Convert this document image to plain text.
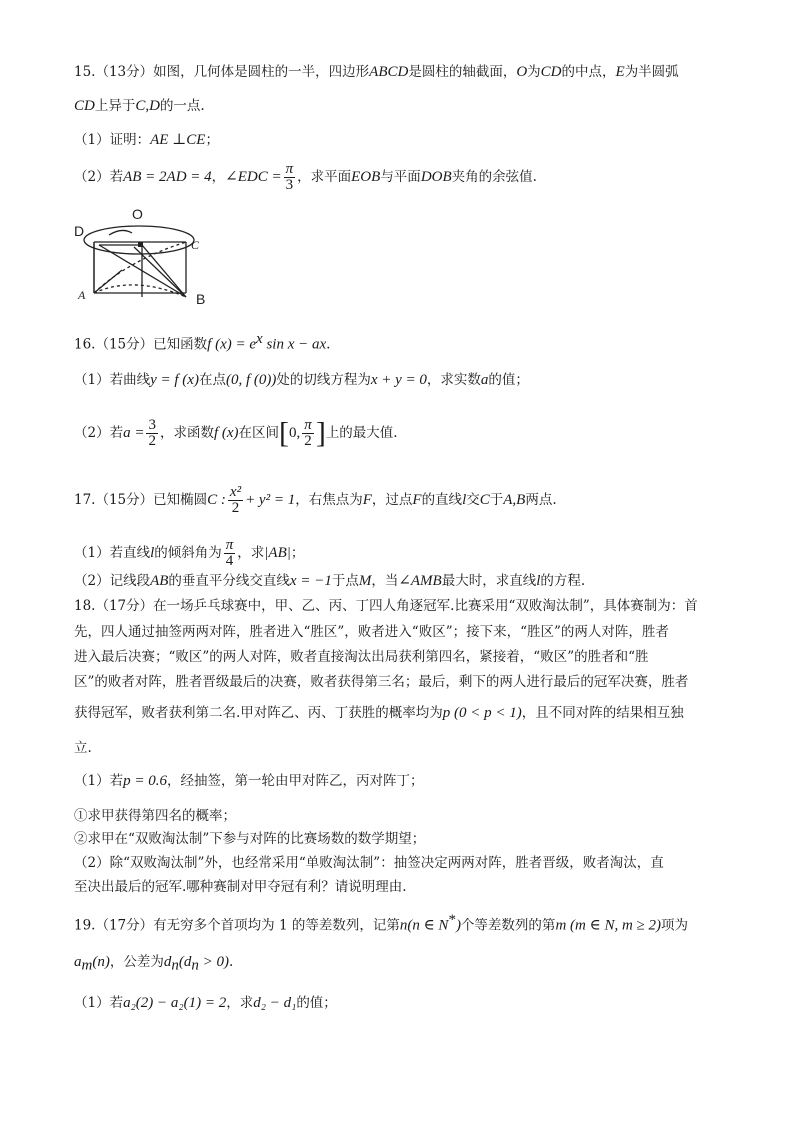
15.（13分）如图，几何体是圆柱的一半，四边形ABCD是圆柱的轴截面，O为CD的中点，E为半圆弧
CD上异于C,D的一点.
（1）证明：AE ⊥CE；
（2）若AB = 2AD = 4，∠EDC = $\frac{\pi}{3}$ ，求平面EOB与平面DOB夹角的余弦值.
D
O
C
A	B
16.（15分）已知函数f $(x) = e^x$ sin x − ax.
（1）若曲线y = f (x)在点(0, f (0))处的切线方程为x + y = 0，求实数a的值；
（2）若$a = \frac{3}{2}$ ，求函数f (x)在区间[0, $\frac{\pi}{2}$ ]上的最大值.
17.（15分）已知椭圆C : $\frac{\text{x²}}{2} + y^2 = 1$，右焦点为F，过点F的直线l交C于A,B两点.
（1）若直线l的倾斜角为 $\frac{\pi}{4}$ ，求|AB|；
（2）记线段AB的垂直平分线交直线x = −1于点M，当∠AMB最大时，求直线l的方程.
18.（17分）在一场乒乓球赛中，甲、乙、丙、丁四人角逐冠军.比赛采用“双败淘汰制”，具体赛制为：首
先，四人通过抽签两两对阵，胜者进入“胜区”，败者进入“败区”；接下来，“胜区”的两人对阵，胜者
进入最后决赛；“败区”的两人对阵，败者直接淘汰出局获利第四名，紧接着，“败区”的胜者和“胜
区”的败者对阵，胜者晋级最后的决赛，败者获得第三名；最后，剩下的两人进行最后的冠军决赛，胜者
获得冠军，败者获利第二名.甲对阵乙、丙、丁获胜的概率均为p (0 < p < 1)，且不同对阵的结果相互独
立.
（1）若p = 0.6，经抽签，第一轮由甲对阵乙，丙对阵丁；
①求甲获得第四名的概率；
②求甲在“双败淘汰制”下参与对阵的比赛场数的数学期望；
（2）除“双败淘汰制”外，也经常采用“单败淘汰制”：抽签决定两两对阵，胜者晋级，败者淘汰，直
至决出最后的冠军.哪种赛制对甲夺冠有利？请说明理由.
19.（17分）有无穷多个首项均为 1 的等差数列，记第n(n ∈ N*)个等差数列的第m (m ∈ N, m ≥ 2)项为
$a_m(n)$，公差为$d_n(d_n > 0)$.
（1）若a₂(2) − a₂(1) = 2，求d₂ − d₁的值；
